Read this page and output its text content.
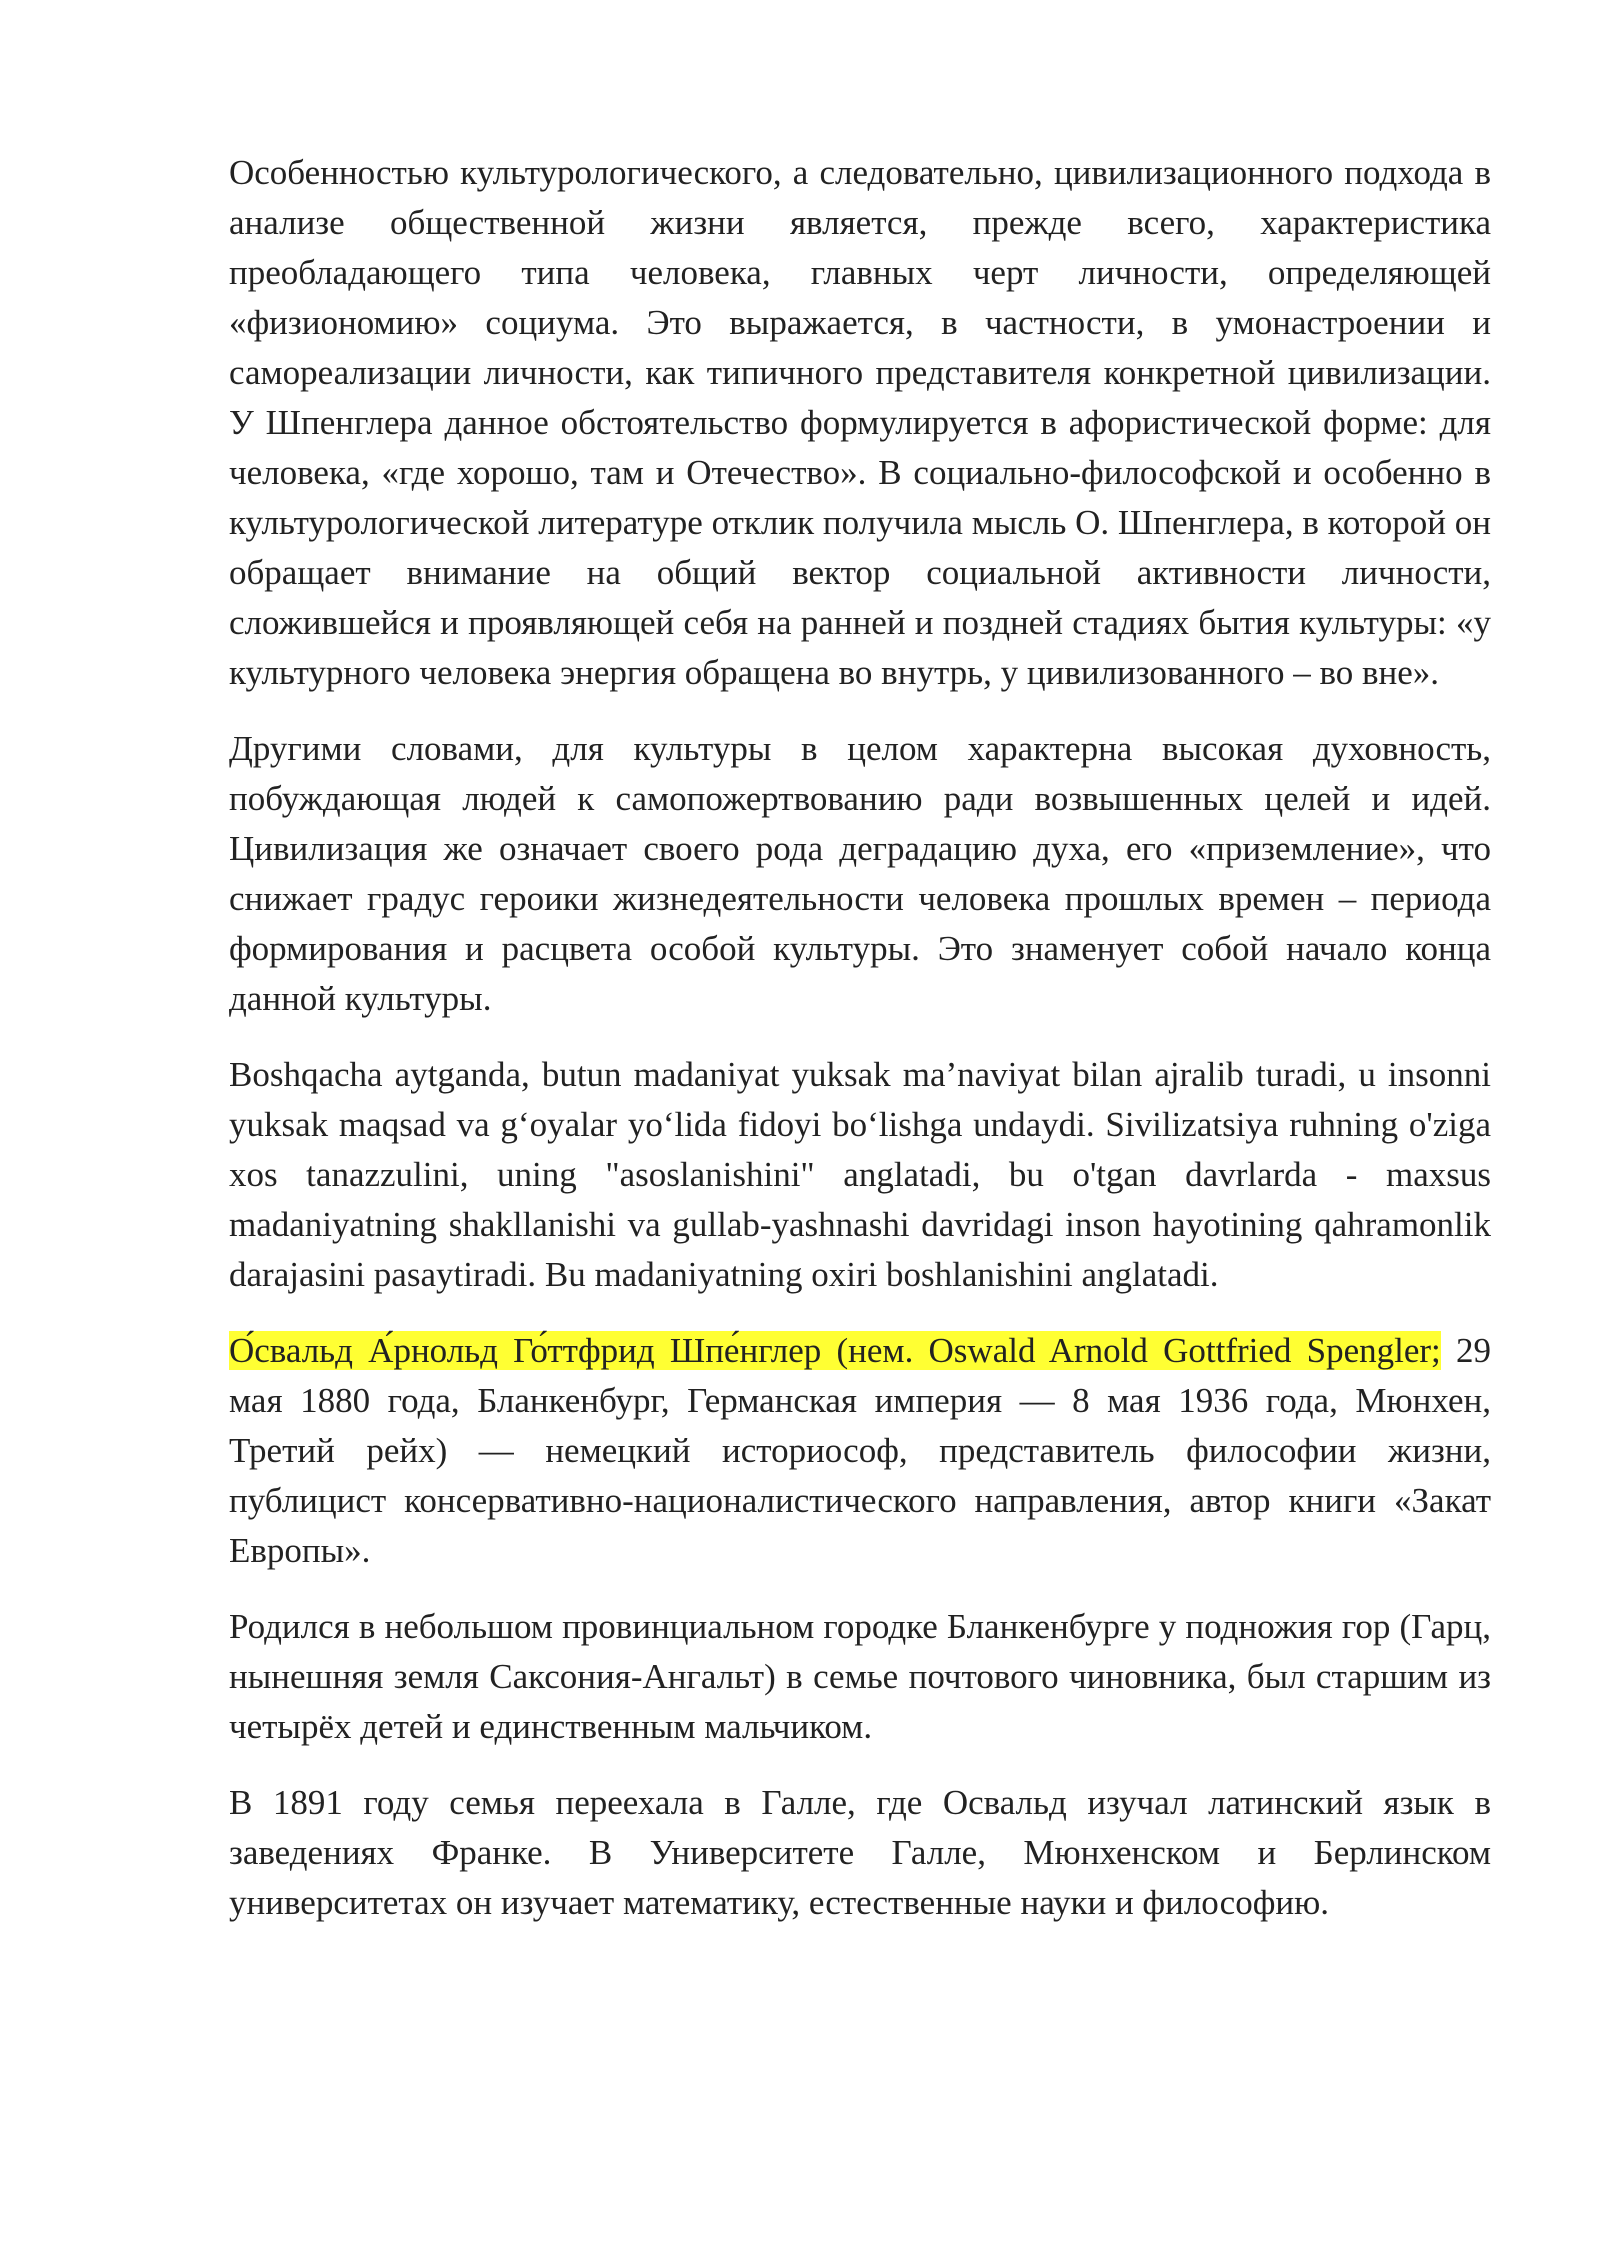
Особенностью культурологического, а следовательно, цивилизационного подхода в анализе общественной жизни является, прежде всего, характеристика преобладающего типа человека, главных черт личности, определяющей «физиономию» социума. Это выражается, в частности, в умонастроении и самореализации личности, как типичного представителя конкретной цивилизации. У Шпенглера данное обстоятельство формулируется в афористической форме: для человека, «где хорошо, там и Отечество». В социально-философской и особенно в культурологической литературе отклик получила мысль О. Шпенглера, в которой он обращает внимание на общий вектор социальной активности личности, сложившейся и проявляющей себя на ранней и поздней стадиях бытия культуры: «у культурного человека энергия обращена во внутрь, у цивилизованного – во вне».

Другими словами, для культуры в целом характерна высокая духовность, побуждающая людей к самопожертвованию ради возвышенных целей и идей. Цивилизация же означает своего рода деградацию духа, его «приземление», что снижает градус героики жизнедеятельности человека прошлых времен – периода формирования и расцвета особой культуры. Это знаменует собой начало конца данной культуры.

Boshqacha aytganda, butun madaniyat yuksak ma’naviyat bilan ajralib turadi, u insonni yuksak maqsad va g‘oyalar yo‘lida fidoyi bo‘lishga undaydi. Sivilizatsiya ruhning o'ziga xos tanazzulini, uning "asoslanishini" anglatadi, bu o'tgan davrlarda - maxsus madaniyatning shakllanishi va gullab-yashnashi davridagi inson hayotining qahramonlik darajasini pasaytiradi. Bu madaniyatning oxiri boshlanishini anglatadi.

О́свальд А́рнольд Го́ттфрид Шпе́нглер (нем. Oswald Arnold Gottfried Spengler; 29 мая 1880 года, Бланкенбург, Германская империя — 8 мая 1936 года, Мюнхен, Третий рейх) — немецкий историософ, представитель философии жизни, публицист консервативно-националистического направления, автор книги «Закат Европы».

Родился в небольшом провинциальном городке Бланкенбурге у подножия гор (Гарц, нынешняя земля Саксония-Ангальт) в семье почтового чиновника, был старшим из четырёх детей и единственным мальчиком.

В 1891 году семья переехала в Галле, где Освальд изучал латинский язык в заведениях Франке. В Университете Галле, Мюнхенском и Берлинском университетах он изучает математику, естественные науки и философию.
